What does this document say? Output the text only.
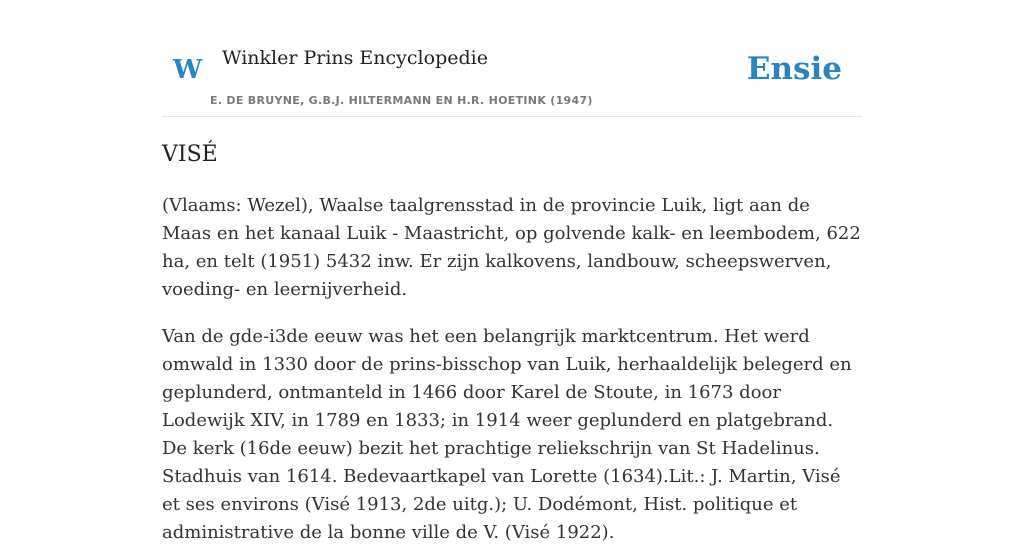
W Winkler Prins Encyclopedie
E. DE BRUYNE, G.B.J. HILTERMANN EN H.R. HOETINK (1947)
Ensie
VISÉ

(Vlaams: Wezel), Waalse taalgrensstad in de provincie Luik, ligt aan de Maas en het kanaal Luik - Maastricht, op golvende kalk- en leembodem, 622 ha, en telt (1951) 5432 inw. Er zijn kalkovens, landbouw, scheepswerven, voeding- en leernijverheid.

Van de gde-i3de eeuw was het een belangrijk marktcentrum. Het werd omwald in 1330 door de prins-bisschop van Luik, herhaaldelijk belegerd en geplunderd, ontmanteld in 1466 door Karel de Stoute, in 1673 door Lodewijk XIV, in 1789 en 1833; in 1914 weer geplunderd en platgebrand. De kerk (16de eeuw) bezit het prachtige reliekschrijn van St Hadelinus. Stadhuis van 1614. Bedevaartkapel van Lorette (1634).Lit.: J. Martin, Visé et ses environs (Visé 1913, 2de uitg.); U. Dodémont, Hist. politique et administrative de la bonne ville de V. (Visé 1922).
